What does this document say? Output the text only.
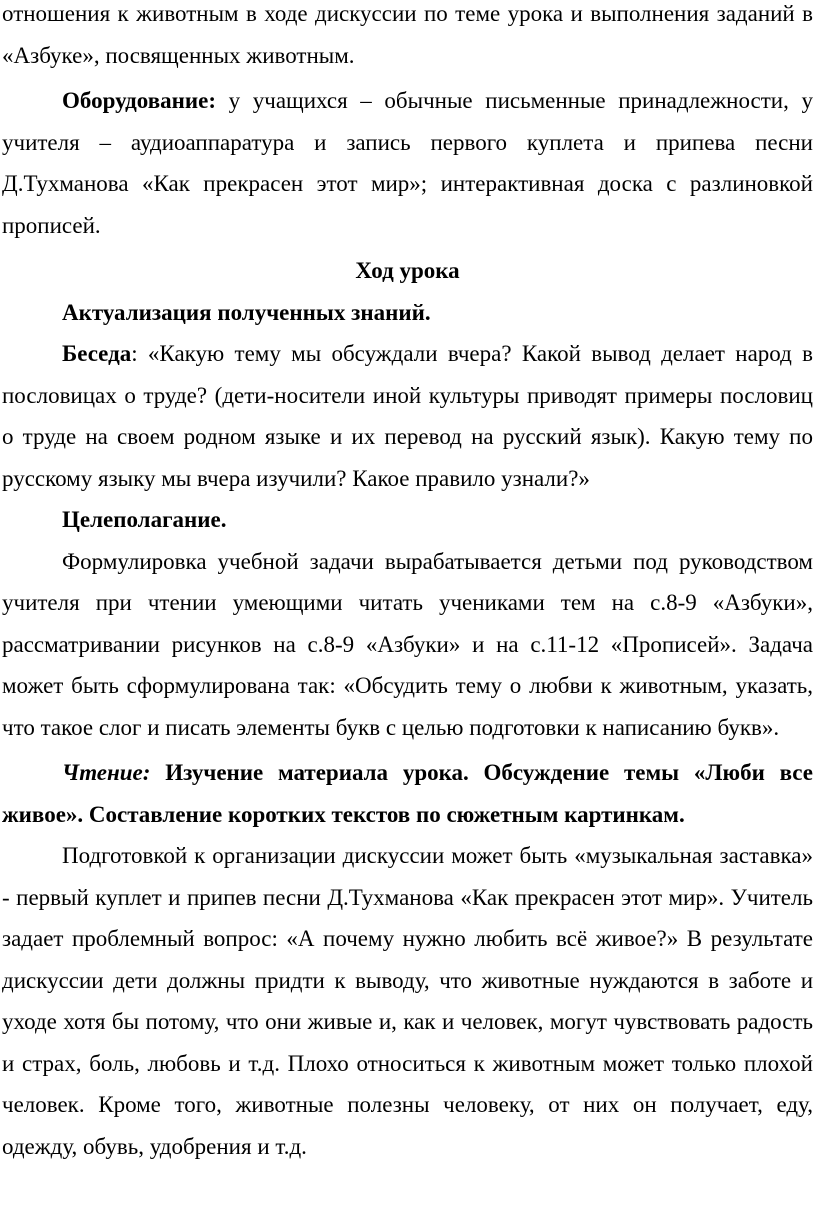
отношения к животным в ходе дискуссии по теме урока и выполнения заданий в «Азбуке», посвященных животным.

Оборудование: у учащихся – обычные письменные принадлежности, у учителя – аудиоаппаратура и запись первого куплета и припева песни Д.Тухманова «Как прекрасен этот мир»; интерактивная доска с разлиновкой прописей.

Ход урока

Актуализация полученных знаний.

Беседа: «Какую тему мы обсуждали вчера? Какой вывод делает народ в пословицах о труде? (дети-носители иной культуры приводят примеры пословиц о труде на своем родном языке и их перевод на русский язык). Какую тему по русскому языку мы вчера изучили? Какое правило узнали?»

Целеполагание.

Формулировка учебной задачи вырабатывается детьми под руководством учителя при чтении умеющими читать учениками тем на с.8-9 «Азбуки», рассматривании рисунков на с.8-9 «Азбуки» и на с.11-12 «Прописей». Задача может быть сформулирована так: «Обсудить тему о любви к животным, указать, что такое слог и писать элементы букв с целью подготовки к написанию букв».

Чтение: Изучение материала урока. Обсуждение темы «Люби все живое». Составление коротких текстов по сюжетным картинкам.

Подготовкой к организации дискуссии может быть «музыкальная заставка» - первый куплет и припев песни Д.Тухманова «Как прекрасен этот мир». Учитель задает проблемный вопрос: «А почему нужно любить всё живое?» В результате дискуссии дети должны придти к выводу, что животные нуждаются в заботе и уходе хотя бы потому, что они живые и, как и человек, могут чувствовать радость и страх, боль, любовь и т.д. Плохо относиться к животным может только плохой человек. Кроме того, животные полезны человеку, от них он получает, еду, одежду, обувь, удобрения и т.д.
